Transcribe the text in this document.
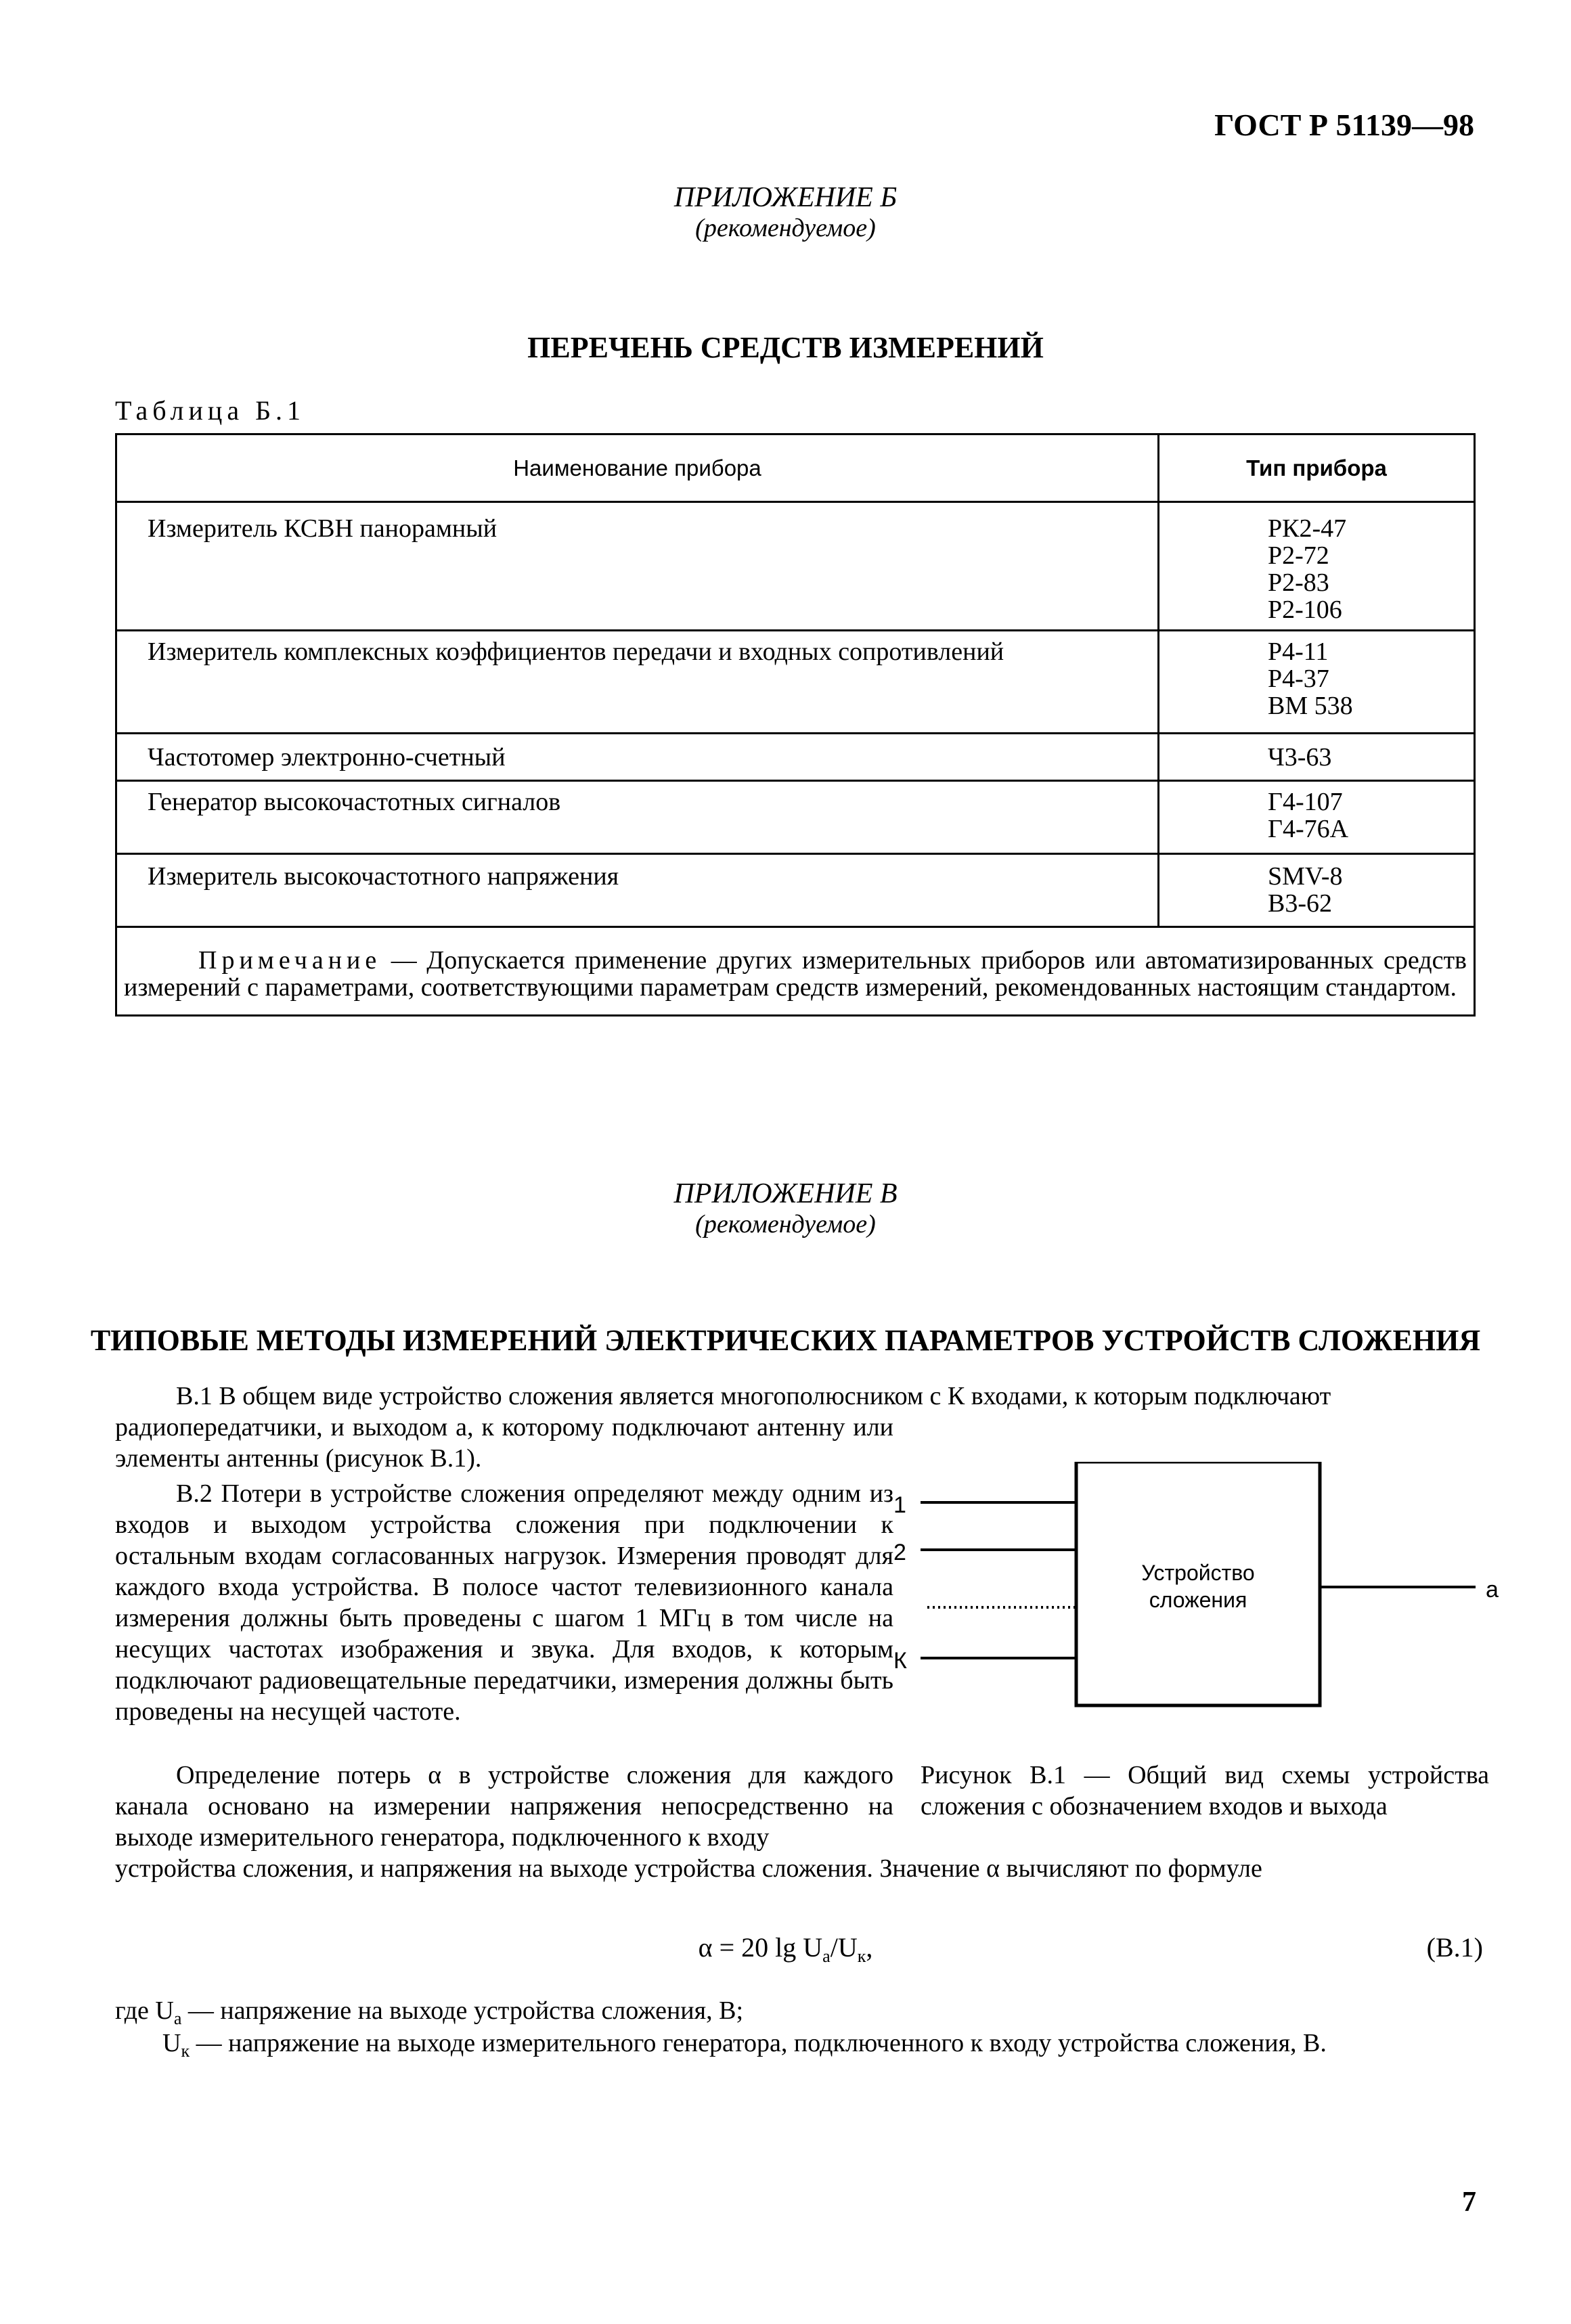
ГОСТ Р 51139—98
ПРИЛОЖЕНИЕ Б
(рекомендуемое)
ПЕРЕЧЕНЬ СРЕДСТВ ИЗМЕРЕНИЙ
Таблица Б.1
Наименование прибора	Тип прибора
Измеритель КСВН панорамный	РК2-47
Р2-72
Р2-83
Р2-106
Измеритель комплексных коэффициентов передачи и входных сопротивлений	Р4-11
Р4-37
ВМ 538
Частотомер электронно-счетный	Ч3-63
Генератор высокочастотных сигналов	Г4-107
Г4-76А
Измеритель высокочастотного напряжения	SMV-8
В3-62
Примечание — Допускается применение других измерительных приборов или автоматизированных средств измерений с параметрами, соответствующими параметрам средств измерений, рекомендованных настоящим стандартом.
ПРИЛОЖЕНИЕ В
(рекомендуемое)
ТИПОВЫЕ МЕТОДЫ ИЗМЕРЕНИЙ ЭЛЕКТРИЧЕСКИХ ПАРАМЕТРОВ УСТРОЙСТВ СЛОЖЕНИЯ
В.1 В общем виде устройство сложения является многополюсником с К входами, к которым подключают
радиопередатчики, и выходом а, к которому подключают антенну или элементы антенны (рисунок В.1).
В.2 Потери в устройстве сложения определяют между одним из входов и выходом устройства сложения при подключении к остальным входам согласованных нагрузок. Измерения проводят для каждого входа устройства. В полосе частот телевизионного канала измерения должны быть проведены с шагом 1 МГц в том числе на несущих частотах изображения и звука. Для входов, к которым подключают радиовещательные передатчики, измерения должны быть проведены на несущей частоте.
Определение потерь α в устройстве сложения для каждого канала основано на измерении напряжения непосредственно на выходе измерительного генератора, подключенного к входу
устройства сложения, и напряжения на выходе устройства сложения. Значение α вычисляют по формуле
1
2
К
а
Устройство
сложения
Рисунок В.1 — Общий вид схемы устройства сложения с обозначением входов и выхода
α = 20 $\lg U_а/U_к$,	(В.1)
где $U_а$ — напряжение на выходе устройства сложения, В;
$U_к$ — напряжение на выходе измерительного генератора, подключенного к входу устройства сложения, В.
7
